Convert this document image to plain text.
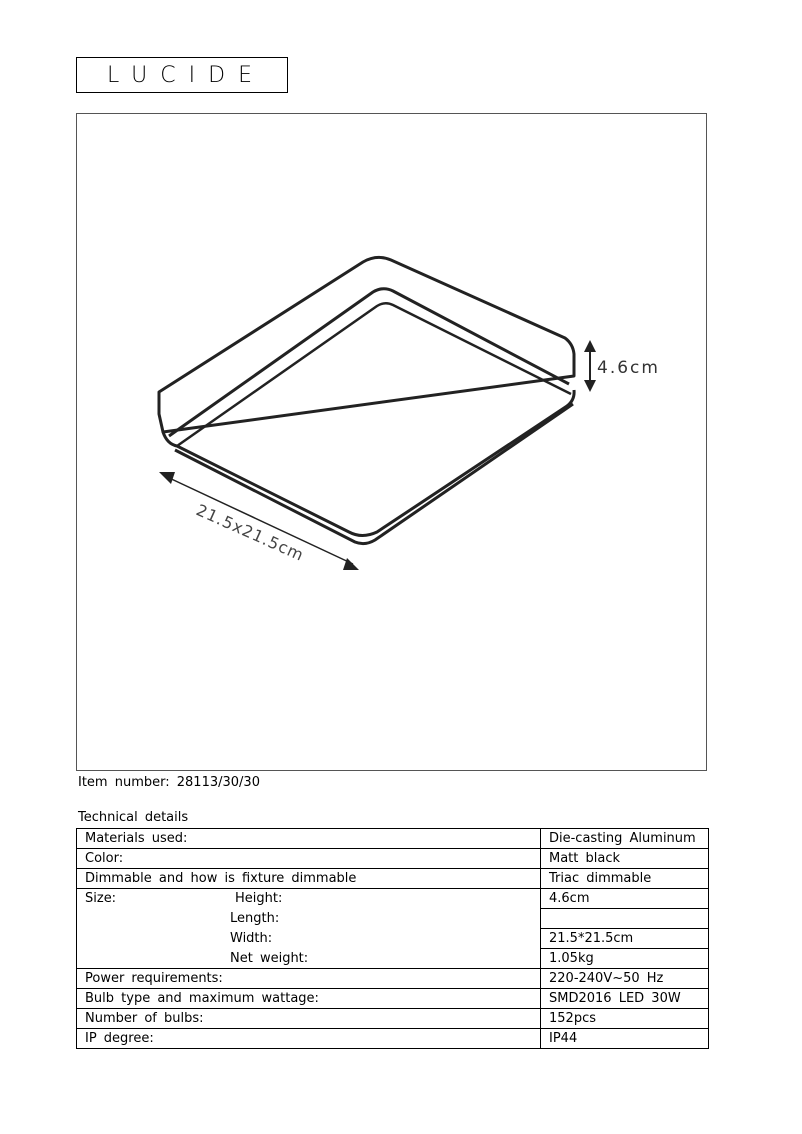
LUCIDE
4.6cm
21.5x21.5cm
Item number: 28113/30/30
Technical details
Materials used:	Die-casting Aluminum
Color:	Matt black
Dimmable and how is fixture dimmable	Triac dimmable
Size: Height:	4.6cm
Length:	
Width:	21.5*21.5cm
Net weight:	1.05kg
Power requirements:	220-240V~50 Hz
Bulb type and maximum wattage:	SMD2016 LED 30W
Number of bulbs:	152pcs
IP degree:	IP44
